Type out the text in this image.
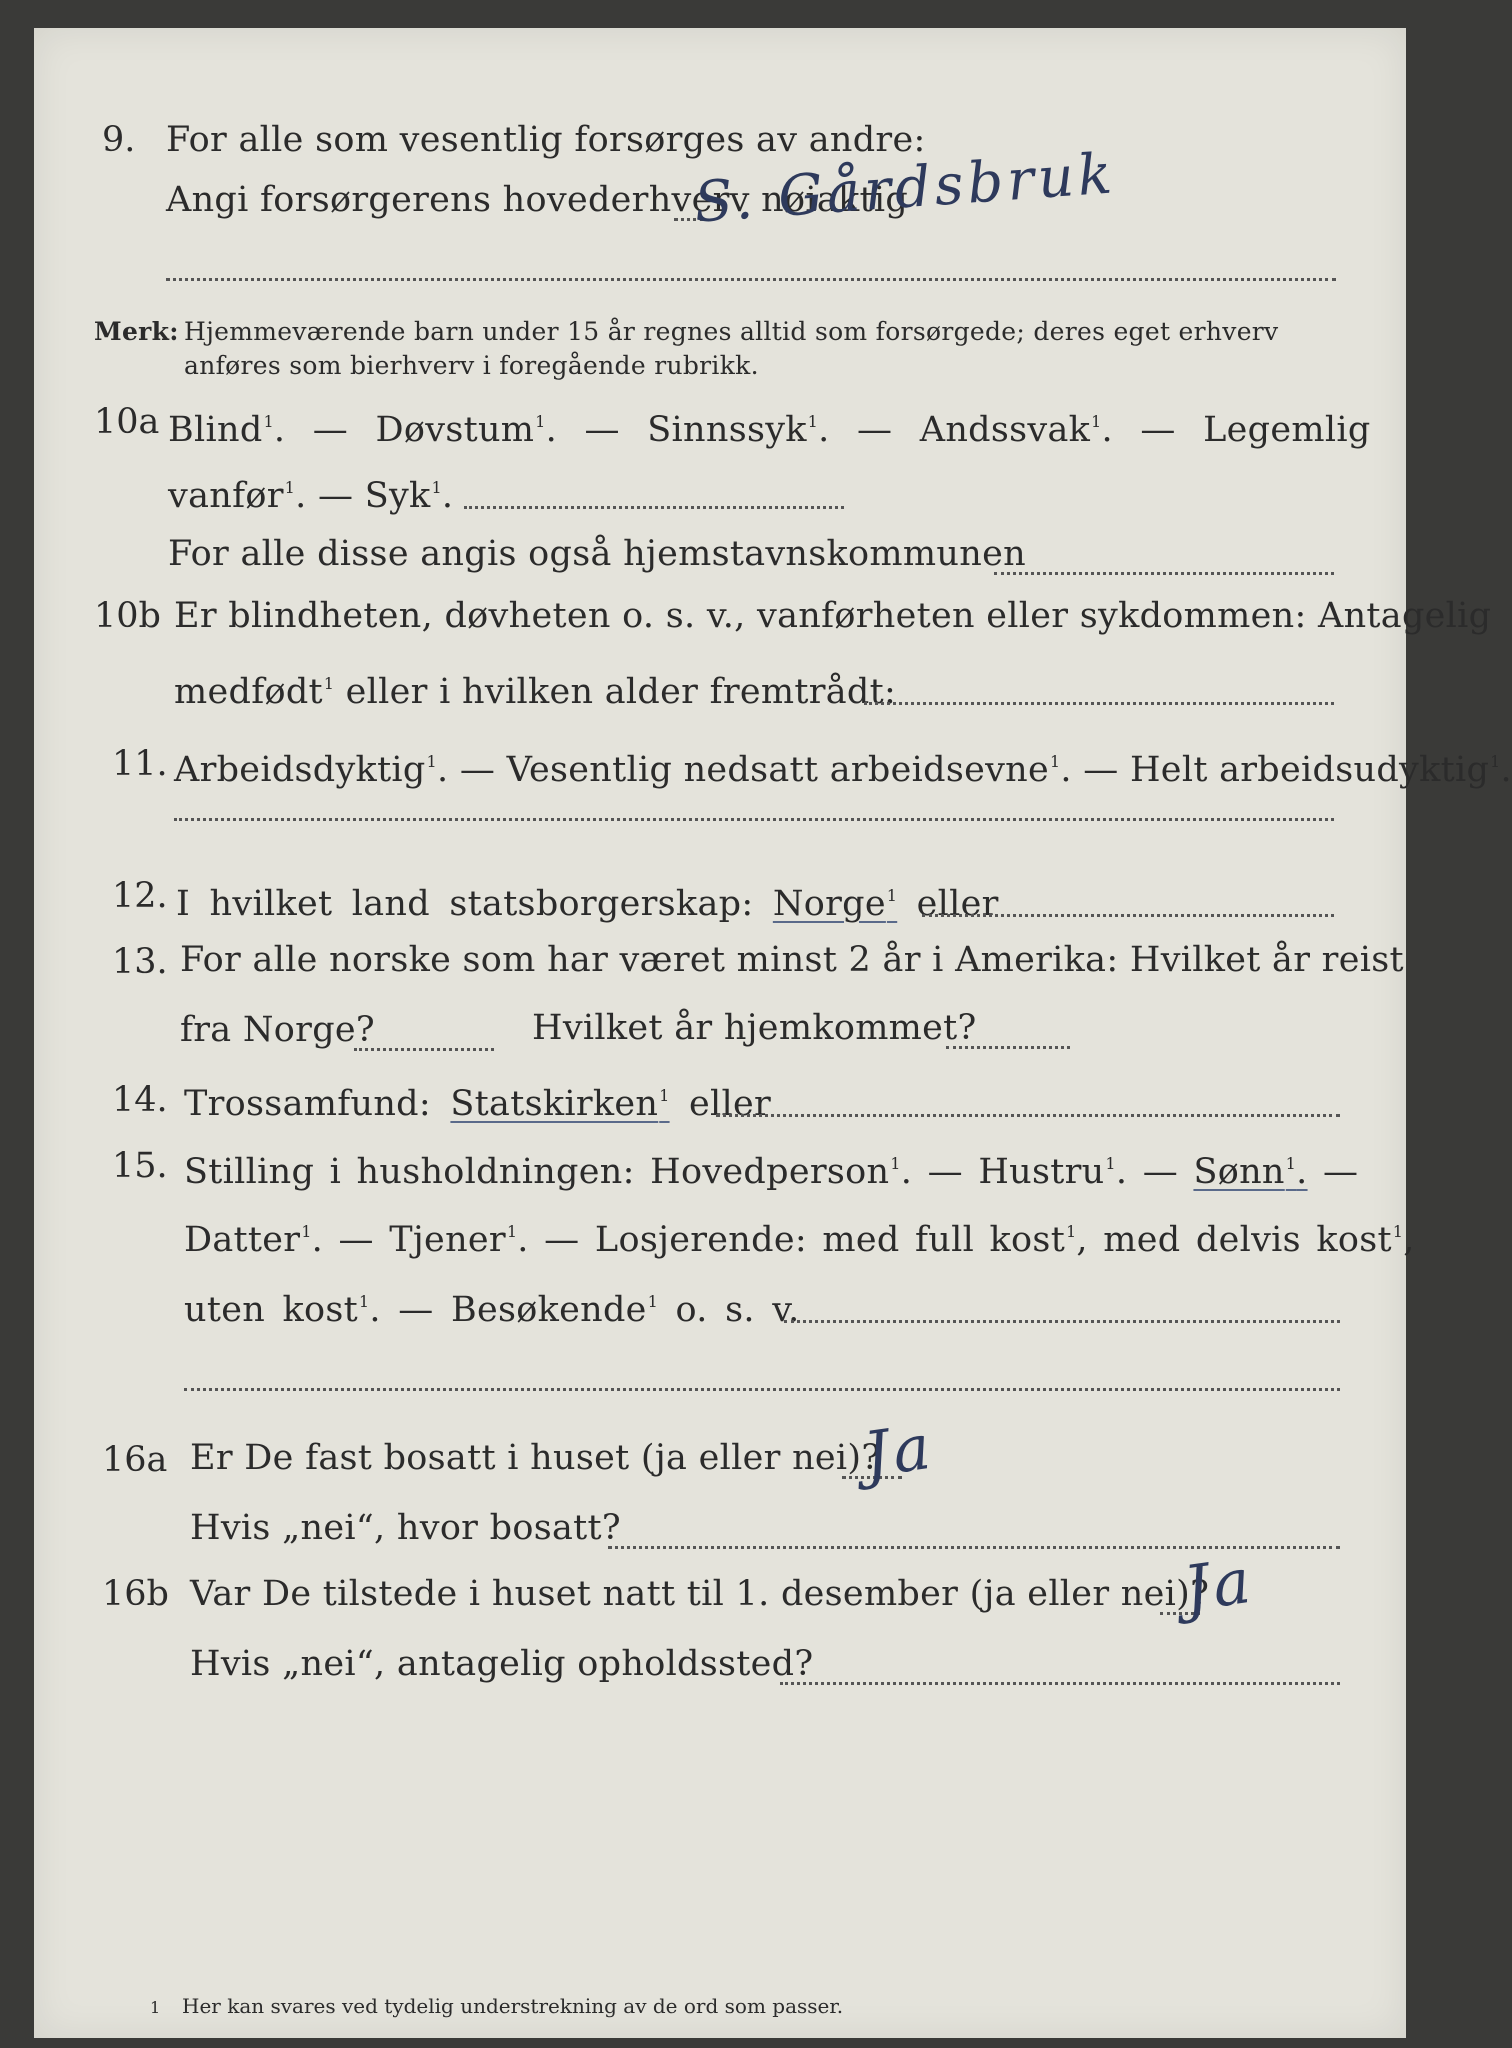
9. For alle som vesentlig forsørges av andre:
Angi forsørgerens hovederhverv nøiaktig
S. Gårdsbruk
Merk: Hjemmeværende barn under 15 år regnes alltid som forsørgede; deres eget erhverv
anføres som bierhverv i foregående rubrikk.
10a Blind$^1$. — Døvstum$^1$. — Sinnssyk$^1$. — Andssvak$^1$. — Legemlig
vanfør$^1$. — Syk$^1$.
For alle disse angis også hjemstavnskommunen
10b Er blindheten, døvheten o. s. v., vanførheten eller sykdommen: Antagelig
medfødt$^1$ eller i hvilken alder fremtrådt:
11. Arbeidsdyktig$^1$. — Vesentlig nedsatt arbeidsevne$^1$. — Helt arbeidsudyktig$^1$.
12. I hvilket land statsborgerskap: Norge$^1$ eller
13. For alle norske som har været minst 2 år i Amerika: Hvilket år reist
fra Norge?	Hvilket år hjemkommet?
14. Trossamfund: Statskirken$^1$ eller
15. Stilling i husholdningen: Hovedperson$^1$. — Hustru$^1$. — Sønn$^1$. —
Datter$^1$. — Tjener$^1$. — Losjerende: med full kost$^1$, med delvis kost$^1$,
uten kost$^1$. — Besøkende$^1$ o. s. v.
16a Er De fast bosatt i huset (ja eller nei)?
Ja
Hvis „nei“, hvor bosatt?
16b Var De tilstede i huset natt til 1. desember (ja eller nei)?
Ja
Hvis „nei“, antagelig opholdssted?
1 Her kan svares ved tydelig understrekning av de ord som passer.
